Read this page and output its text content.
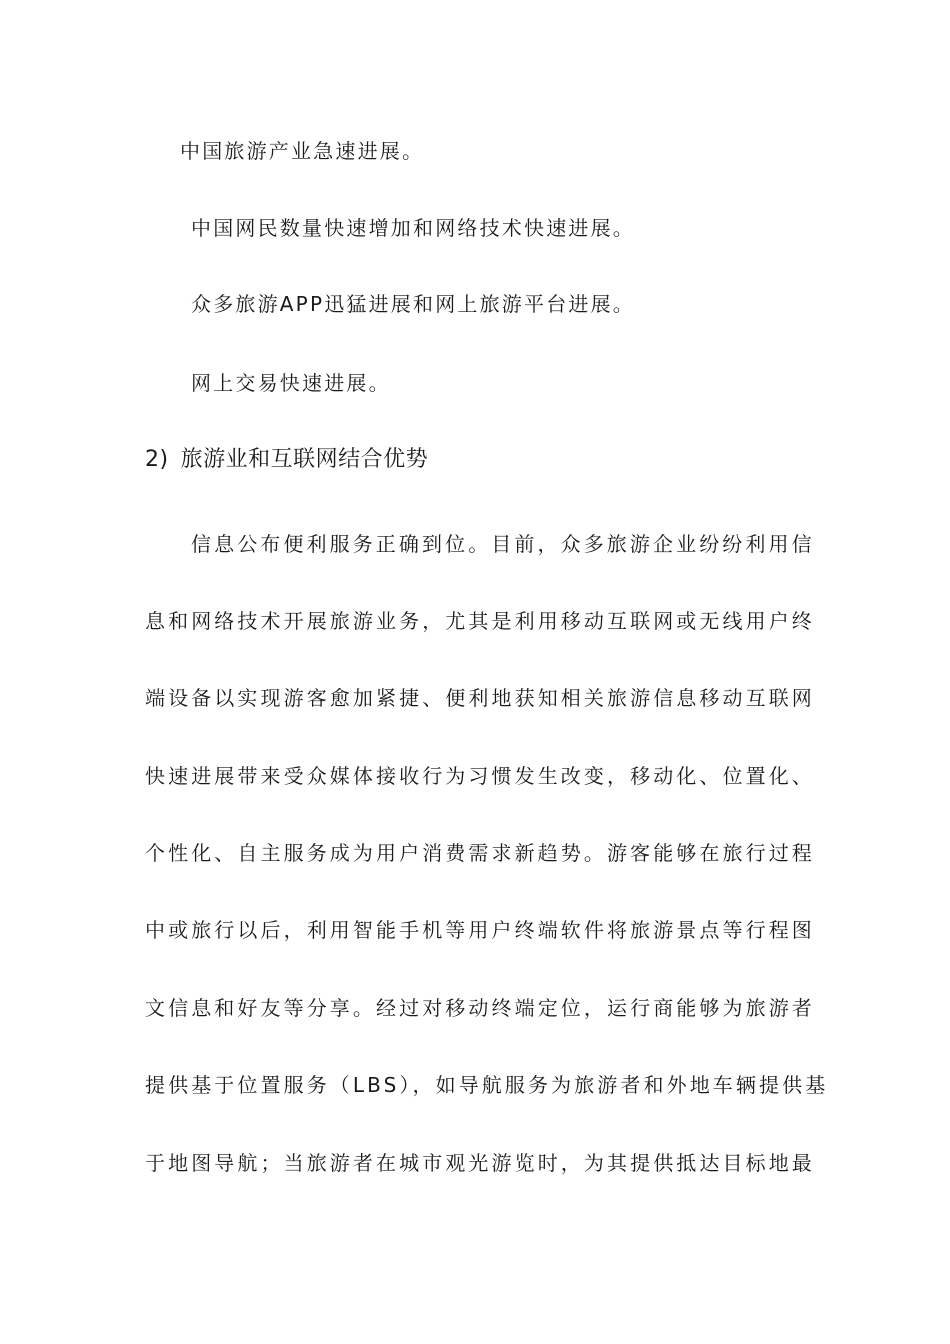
中国旅游产业急速进展。
中国网民数量快速增加和网络技术快速进展。
众多旅游APP迅猛进展和网上旅游平台进展。
网上交易快速进展。
2) 旅游业和互联网结合优势
信息公布便利服务正确到位。目前，众多旅游企业纷纷利用信
息和网络技术开展旅游业务，尤其是利用移动互联网或无线用户终
端设备以实现游客愈加紧捷、便利地获知相关旅游信息移动互联网
快速进展带来受众媒体接收行为习惯发生改变，移动化、位置化、
个性化、自主服务成为用户消费需求新趋势。游客能够在旅行过程
中或旅行以后，利用智能手机等用户终端软件将旅游景点等行程图
文信息和好友等分享。经过对移动终端定位，运行商能够为旅游者
提供基于位置服务（LBS），如导航服务为旅游者和外地车辆提供基
于地图导航；当旅游者在城市观光游览时，为其提供抵达目标地最
